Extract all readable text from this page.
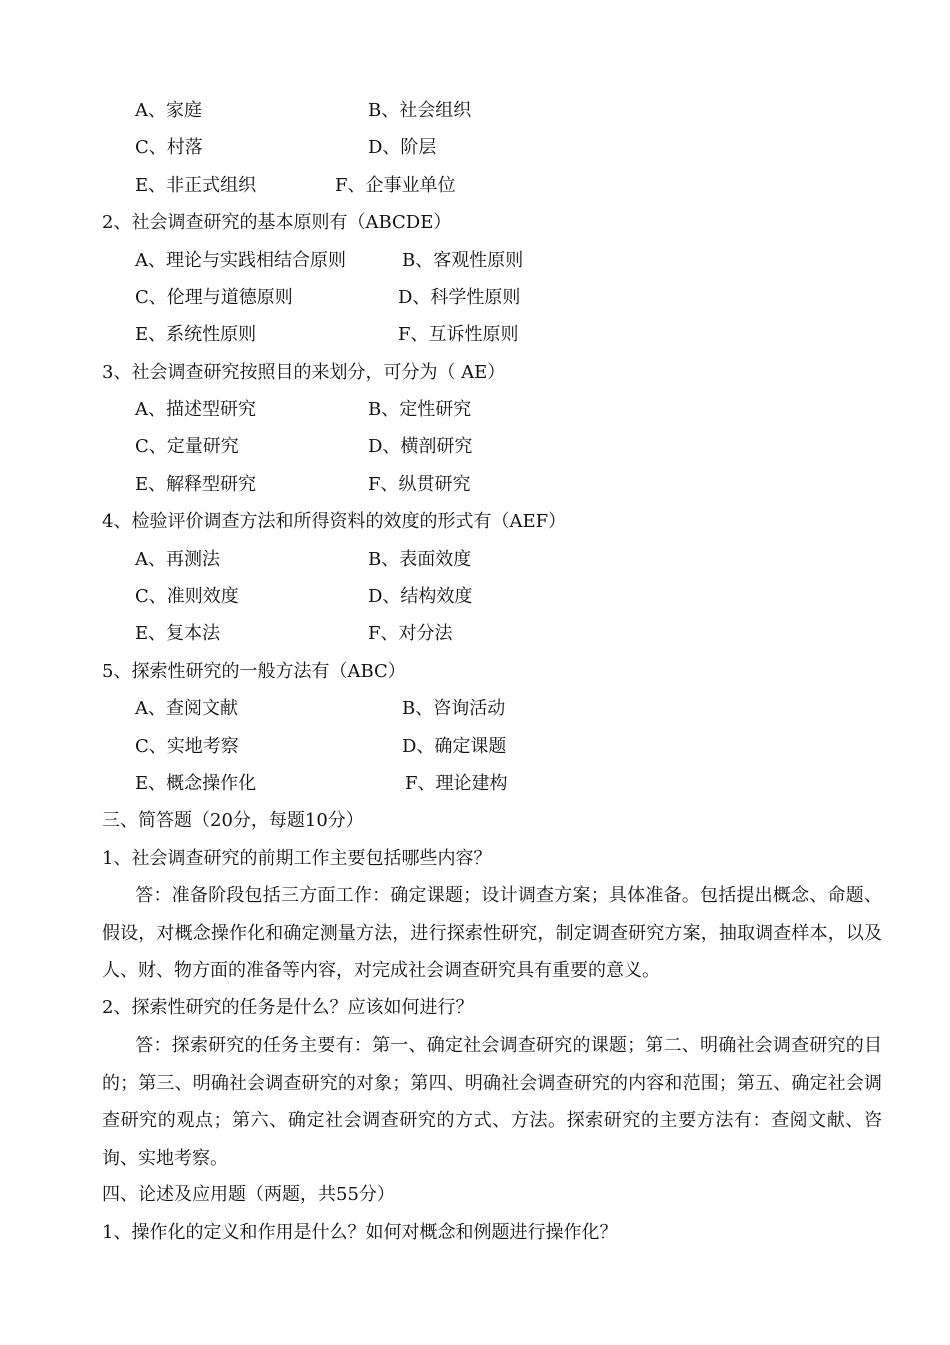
A、家庭	B、社会组织
C、村落	D、阶层
E、非正式组织	F、企事业单位
2、社会调查研究的基本原则有（ABCDE）
A、理论与实践相结合原则	B、客观性原则
C、伦理与道德原则	D、科学性原则
E、系统性原则	F、互诉性原则
3、社会调查研究按照目的来划分，可分为（ AE）
A、描述型研究	B、定性研究
C、定量研究	D、横剖研究
E、解释型研究	F、纵贯研究
4、检验评价调查方法和所得资料的效度的形式有（AEF）
A、再测法	B、表面效度
C、准则效度	D、结构效度
E、复本法	F、对分法
5、探索性研究的一般方法有（ABC）
A、查阅文献	B、咨询活动
C、实地考察	D、确定课题
E、概念操作化	F、理论建构
三、简答题（20分，每题10分）
1、社会调查研究的前期工作主要包括哪些内容？
答：准备阶段包括三方面工作：确定课题；设计调查方案；具体准备。包括提出概念、命题、假设，对概念操作化和确定测量方法，进行探索性研究，制定调查研究方案，抽取调查样本，以及人、财、物方面的准备等内容，对完成社会调查研究具有重要的意义。
2、探索性研究的任务是什么？应该如何进行？
答：探索研究的任务主要有：第一、确定社会调查研究的课题；第二、明确社会调查研究的目的；第三、明确社会调查研究的对象；第四、明确社会调查研究的内容和范围；第五、确定社会调查研究的观点；第六、确定社会调查研究的方式、方法。探索研究的主要方法有：查阅文献、咨询、实地考察。
四、论述及应用题（两题，共55分）
1、操作化的定义和作用是什么？如何对概念和例题进行操作化？
